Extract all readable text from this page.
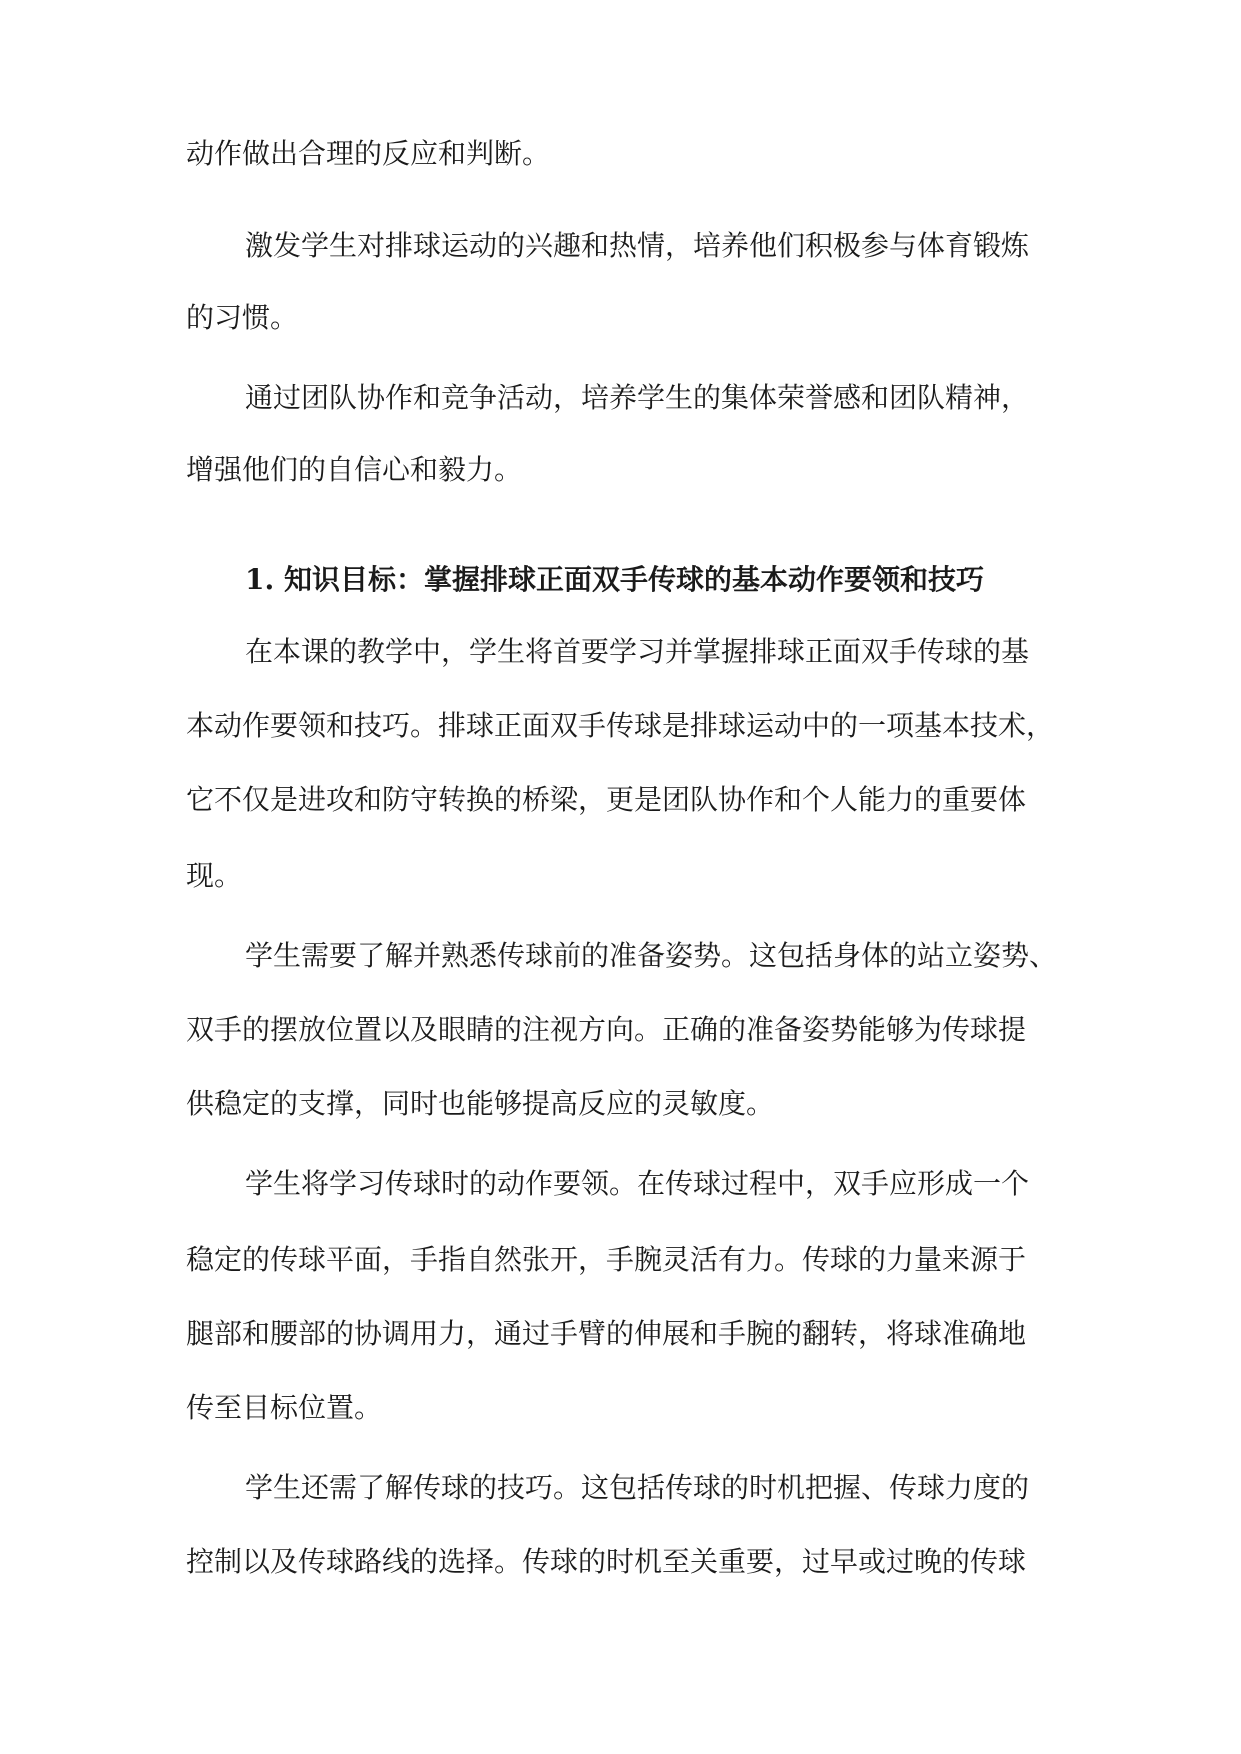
动作做出合理的反应和判断。
激发学生对排球运动的兴趣和热情，培养他们积极参与体育锻炼
的习惯。
通过团队协作和竞争活动，培养学生的集体荣誉感和团队精神，
增强他们的自信心和毅力。
1. 知识目标：掌握排球正面双手传球的基本动作要领和技巧
在本课的教学中，学生将首要学习并掌握排球正面双手传球的基
本动作要领和技巧。排球正面双手传球是排球运动中的一项基本技术，
它不仅是进攻和防守转换的桥梁，更是团队协作和个人能力的重要体
现。
学生需要了解并熟悉传球前的准备姿势。这包括身体的站立姿势、
双手的摆放位置以及眼睛的注视方向。正确的准备姿势能够为传球提
供稳定的支撑，同时也能够提高反应的灵敏度。
学生将学习传球时的动作要领。在传球过程中，双手应形成一个
稳定的传球平面，手指自然张开，手腕灵活有力。传球的力量来源于
腿部和腰部的协调用力，通过手臂的伸展和手腕的翻转，将球准确地
传至目标位置。
学生还需了解传球的技巧。这包括传球的时机把握、传球力度的
控制以及传球路线的选择。传球的时机至关重要，过早或过晚的传球
